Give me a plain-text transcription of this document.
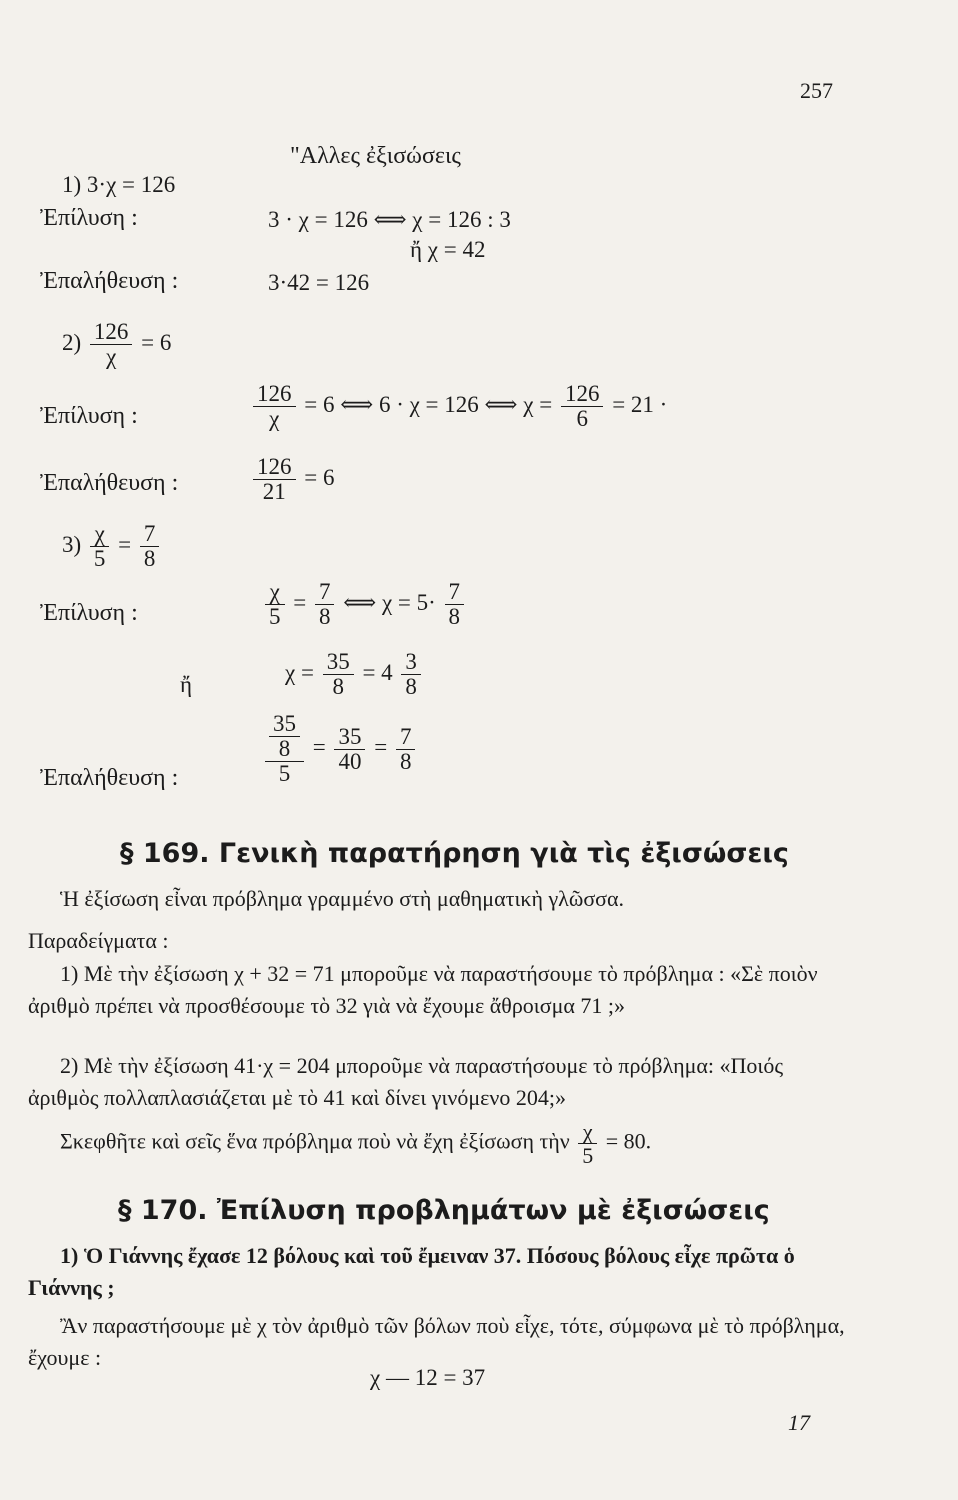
257
"Αλλες ἐξισώσεις
1) 3·χ = 126
Ἐπίλυση :	3 · χ = 126 ⟺ χ = 126 : 3
ἤ χ = 42
Ἐπαλήθευση :	3·42 = 126
$2) \frac{126}{\chi} = 6$
Ἐπίλυση :	$\frac{126}{\chi} = 6$ ⟺ 6 · χ = 126 ⟺ $\chi = \frac{126}{6} = 21$ ·
Ἐπαλήθευση :	$\frac{126}{21} = 6$
$3) \frac{\chi}{5} = \frac{7}{8}$
Ἐπίλυση :	$\frac{\chi}{5} = \frac{7}{8}$ ⟺ $\chi = 5\cdot \frac{7}{8}$
ἤ	$\chi = \frac{35}{8} = 4 \frac{3}{8}$
Ἐπαλήθευση :	$\frac{\frac{35}{8}}{5} = \frac{35}{40} = \frac{7}{8}$
§ 169. Γενικὴ παρατήρηση γιὰ τὶς ἐξισώσεις
Ἡ ἐξίσωση εἶναι πρόβλημα γραμμένο στὴ μαθηματικὴ γλῶσσα.
Παραδείγματα :
1) Μὲ τὴν ἐξίσωση χ + 32 = 71 μποροῦμε νὰ παραστήσουμε τὸ πρόβλημα : «Σὲ ποιὸν ἀριθμὸ πρέπει νὰ προσθέσουμε τὸ 32 γιὰ νὰ ἔχουμε ἄθροισμα 71 ;»
2) Μὲ τὴν ἐξίσωση 41·χ = 204 μποροῦμε νὰ παραστήσουμε τὸ πρόβλημα: «Ποιός ἀριθμὸς πολλαπλασιάζεται μὲ τὸ 41 καὶ δίνει γινόμενο 204;»
Σκεφθῆτε καὶ σεῖς ἕνα πρόβλημα ποὺ νὰ ἔχη ἐξίσωση τὴν $\frac{\chi}{5} = 80$.
§ 170. Ἐπίλυση προβλημάτων μὲ ἐξισώσεις
1) Ὁ Γιάννης ἔχασε 12 βόλους καὶ τοῦ ἔμειναν 37. Πόσους βόλους εἶχε πρῶτα ὁ Γιάννης ;
Ἂν παραστήσουμε μὲ χ τὸν ἀριθμὸ τῶν βόλων ποὺ εἶχε, τότε, σύμφωνα μὲ τὸ πρόβλημα, ἔχουμε :
χ — 12 = 37
17
